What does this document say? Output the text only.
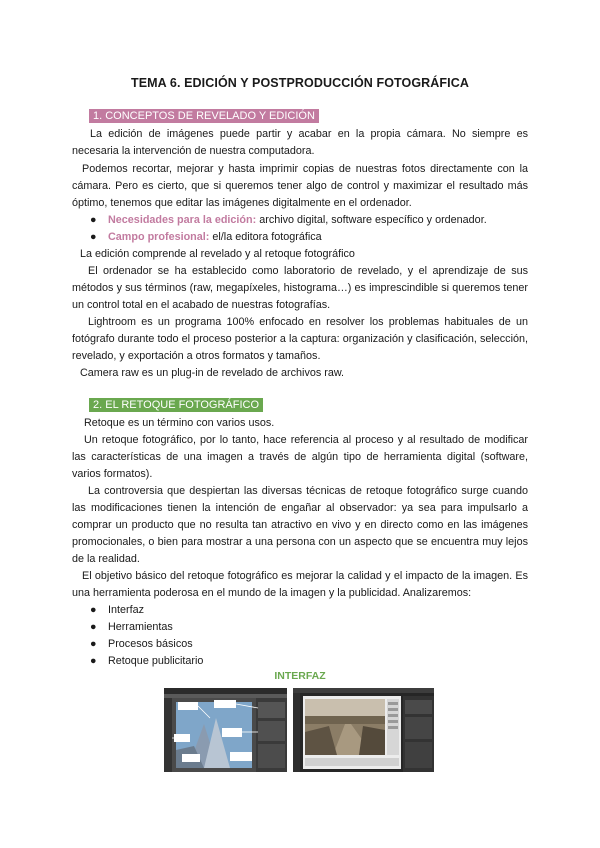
TEMA 6. EDICIÓN Y POSTPRODUCCIÓN FOTOGRÁFICA
1. CONCEPTOS DE REVELADO Y EDICIÓN

La edición de imágenes puede partir y acabar en la propia cámara. No siempre es necesaria la intervención de nuestra computadora.

Podemos recortar, mejorar y hasta imprimir copias de nuestras fotos directamente con la cámara. Pero es cierto, que si queremos tener algo de control y maximizar el resultado más óptimo, tenemos que editar las imágenes digitalmente en el ordenador.

● Necesidades para la edición: archivo digital, software específico y ordenador.
● Campo profesional: el/la editora fotográfica

La edición comprende al revelado y al retoque fotográfico

El ordenador se ha establecido como laboratorio de revelado, y el aprendizaje de sus métodos y sus términos (raw, megapíxeles, histograma…) es imprescindible si queremos tener un control total en el acabado de nuestras fotografías.

Lightroom es un programa 100% enfocado en resolver los problemas habituales de un fotógrafo durante todo el proceso posterior a la captura: organización y clasificación, selección, revelado, y exportación a otros formatos y tamaños.

Camera raw es un plug-in de revelado de archivos raw.

2. EL RETOQUE FOTOGRÁFICO

Retoque es un término con varios usos.

Un retoque fotográfico, por lo tanto, hace referencia al proceso y al resultado de modificar las características de una imagen a través de algún tipo de herramienta digital (software, varios formatos).

La controversia que despiertan las diversas técnicas de retoque fotográfico surge cuando las modificaciones tienen la intención de engañar al observador: ya sea para impulsarlo a comprar un producto que no resulta tan atractivo en vivo y en directo como en las imágenes promocionales, o bien para mostrar a una persona con un aspecto que se encuentra muy lejos de la realidad.

El objetivo básico del retoque fotográfico es mejorar la calidad y el impacto de la imagen. Es una herramienta poderosa en el mundo de la imagen y la publicidad. Analizaremos:

● Interfaz
● Herramientas
● Procesos básicos
● Retoque publicitario
INTERFAZ
